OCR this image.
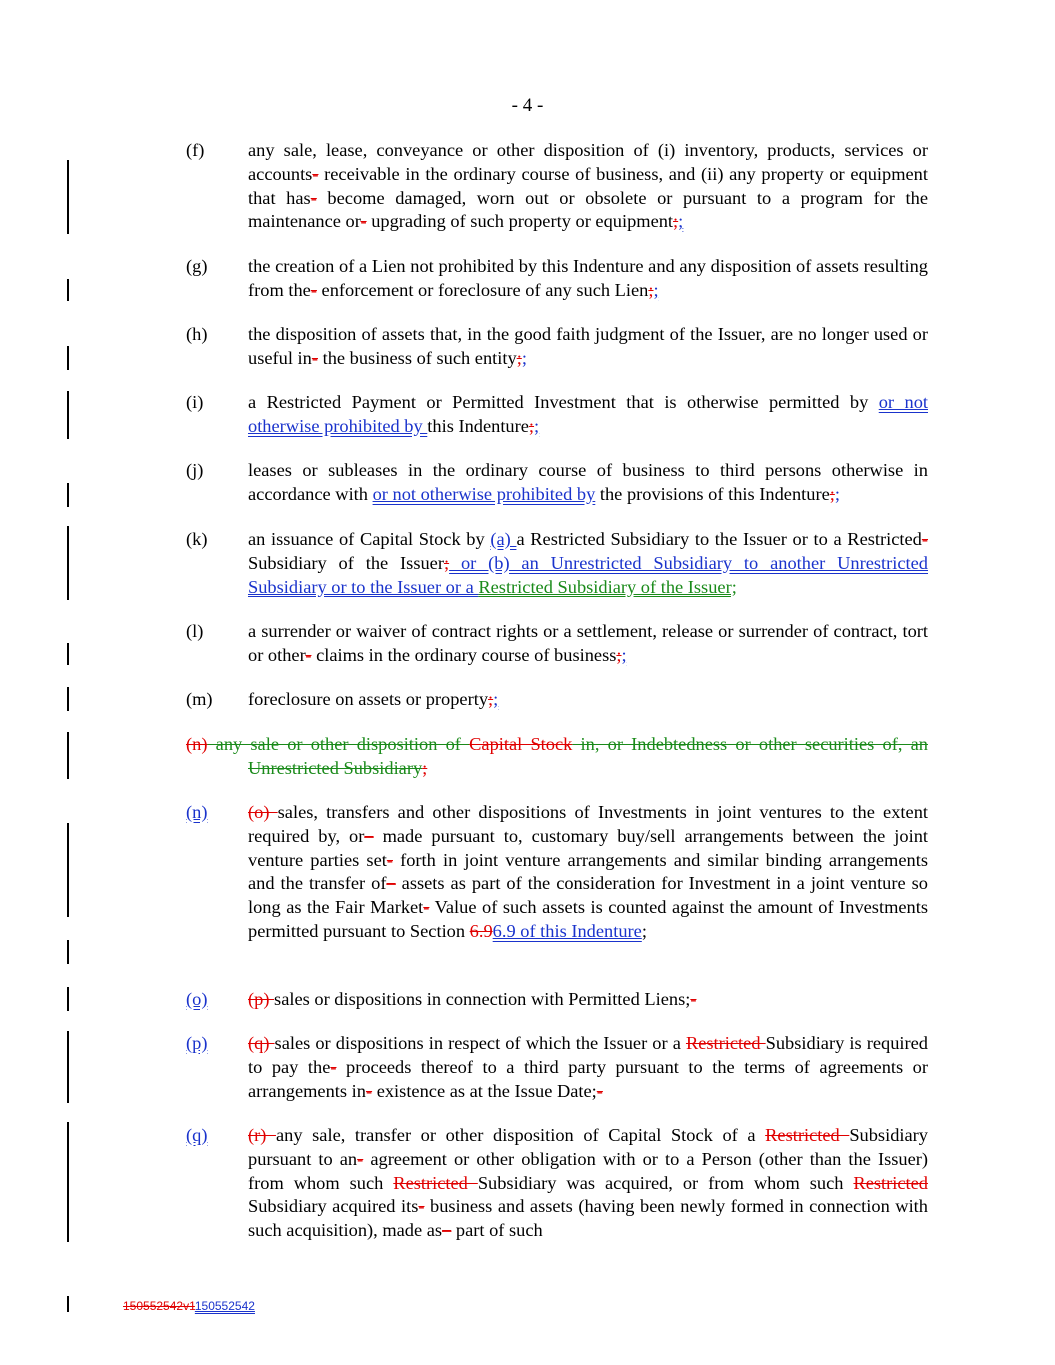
- 4 -
(f) any sale, lease, conveyance or other disposition of (i) inventory, products, services or accounts- receivable in the ordinary course of business, and (ii) any property or equipment that has- become damaged, worn out or obsolete or pursuant to a program for the maintenance or- upgrading of such property or equipment;;
(g) the creation of a Lien not prohibited by this Indenture and any disposition of assets resulting from the- enforcement or foreclosure of any such Lien;;
(h) the disposition of assets that, in the good faith judgment of the Issuer, are no longer used or useful in- the business of such entity;;
(i) a Restricted Payment or Permitted Investment that is otherwise permitted by or not otherwise prohibited by this Indenture;;
(j) leases or subleases in the ordinary course of business to third persons otherwise in accordance with or not otherwise prohibited by the provisions of this Indenture;;
(k) an issuance of Capital Stock by (a) a Restricted Subsidiary to the Issuer or to a Restricted- Subsidiary of the Issuer; or (b) an Unrestricted Subsidiary to another Unrestricted Subsidiary or to the Issuer or a Restricted Subsidiary of the Issuer;
(l) a surrender or waiver of contract rights or a settlement, release or surrender of contract, tort or other- claims in the ordinary course of business;;
(m) foreclosure on assets or property;;
(n) any sale or other disposition of Capital Stock in, or Indebtedness or other securities of, an Unrestricted Subsidiary;
(n) (o) sales, transfers and other dispositions of Investments in joint ventures to the extent required by, or– made pursuant to, customary buy/sell arrangements between the joint venture parties set- forth in joint venture arrangements and similar binding arrangements and the transfer of– assets as part of the consideration for Investment in a joint venture so long as the Fair Market- Value of such assets is counted against the amount of Investments permitted pursuant to Section 6.96.9 of this Indenture;
(o) (p) sales or dispositions in connection with Permitted Liens;-
(p) (q) sales or dispositions in respect of which the Issuer or a Restricted Subsidiary is required to pay the- proceeds thereof to a third party pursuant to the terms of agreements or arrangements in- existence as at the Issue Date;-
(q) (r) any sale, transfer or other disposition of Capital Stock of a Restricted Subsidiary pursuant to an- agreement or other obligation with or to a Person (other than the Issuer) from whom such Restricted Subsidiary was acquired, or from whom such Restricted Subsidiary acquired its- business and assets (having been newly formed in connection with such acquisition), made as– part of such
150552542v1150552542
